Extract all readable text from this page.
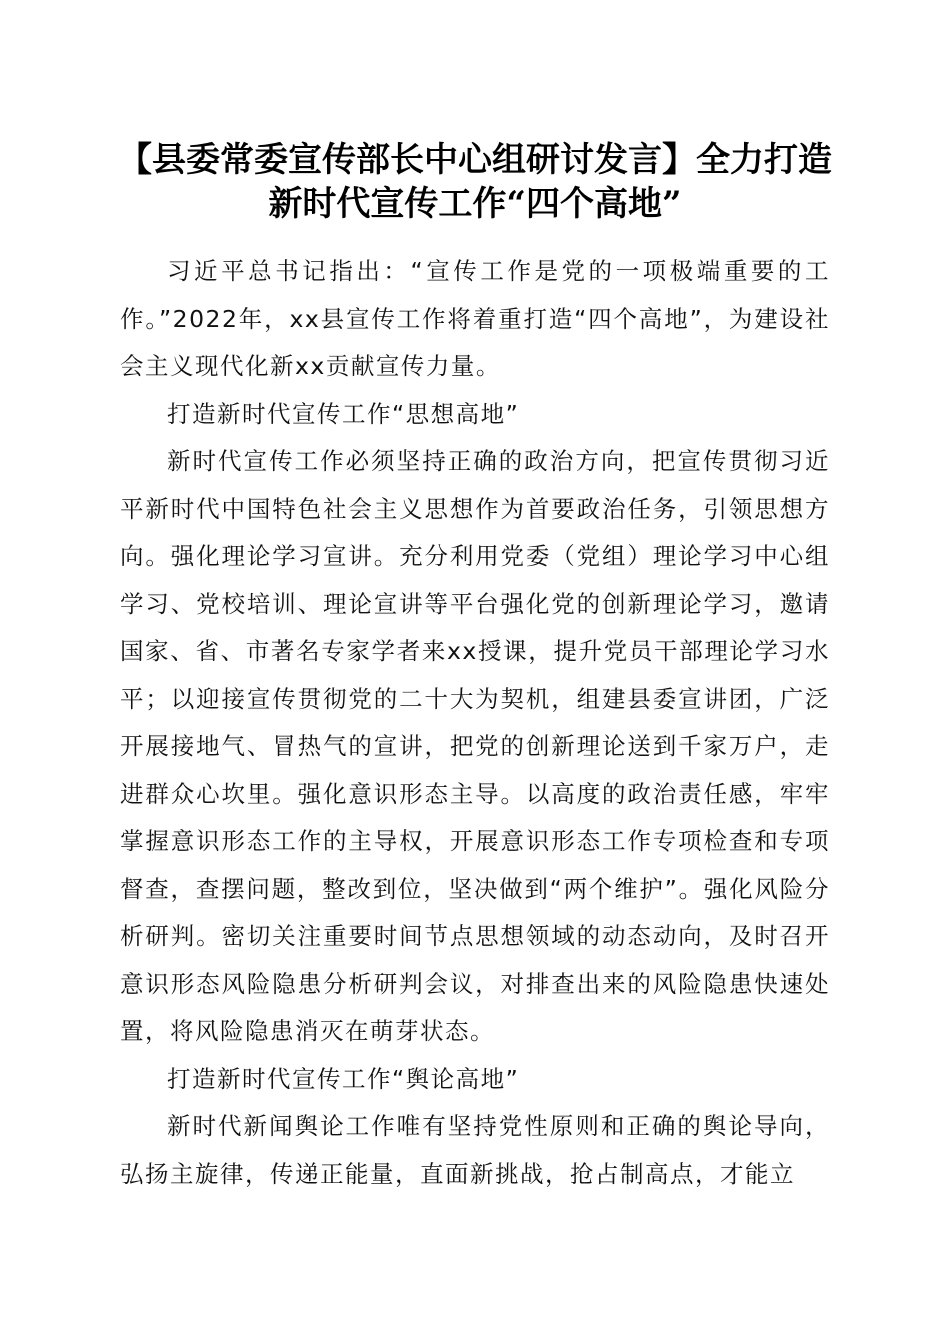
【县委常委宣传部长中心组研讨发言】全力打造新时代宣传工作“四个高地”

习近平总书记指出：“宣传工作是党的一项极端重要的工作。”2022年，xx县宣传工作将着重打造“四个高地”，为建设社会主义现代化新xx贡献宣传力量。

打造新时代宣传工作“思想高地”

新时代宣传工作必须坚持正确的政治方向，把宣传贯彻习近平新时代中国特色社会主义思想作为首要政治任务，引领思想方向。强化理论学习宣讲。充分利用党委（党组）理论学习中心组学习、党校培训、理论宣讲等平台强化党的创新理论学习，邀请国家、省、市著名专家学者来xx授课，提升党员干部理论学习水平；以迎接宣传贯彻党的二十大为契机，组建县委宣讲团，广泛开展接地气、冒热气的宣讲，把党的创新理论送到千家万户，走进群众心坎里。强化意识形态主导。以高度的政治责任感，牢牢掌握意识形态工作的主导权，开展意识形态工作专项检查和专项督查，查摆问题，整改到位，坚决做到“两个维护”。强化风险分析研判。密切关注重要时间节点思想领域的动态动向，及时召开意识形态风险隐患分析研判会议，对排查出来的风险隐患快速处置，将风险隐患消灭在萌芽状态。

打造新时代宣传工作“舆论高地”

新时代新闻舆论工作唯有坚持党性原则和正确的舆论导向，弘扬主旋律，传递正能量，直面新挑战，抢占制高点，才能立
